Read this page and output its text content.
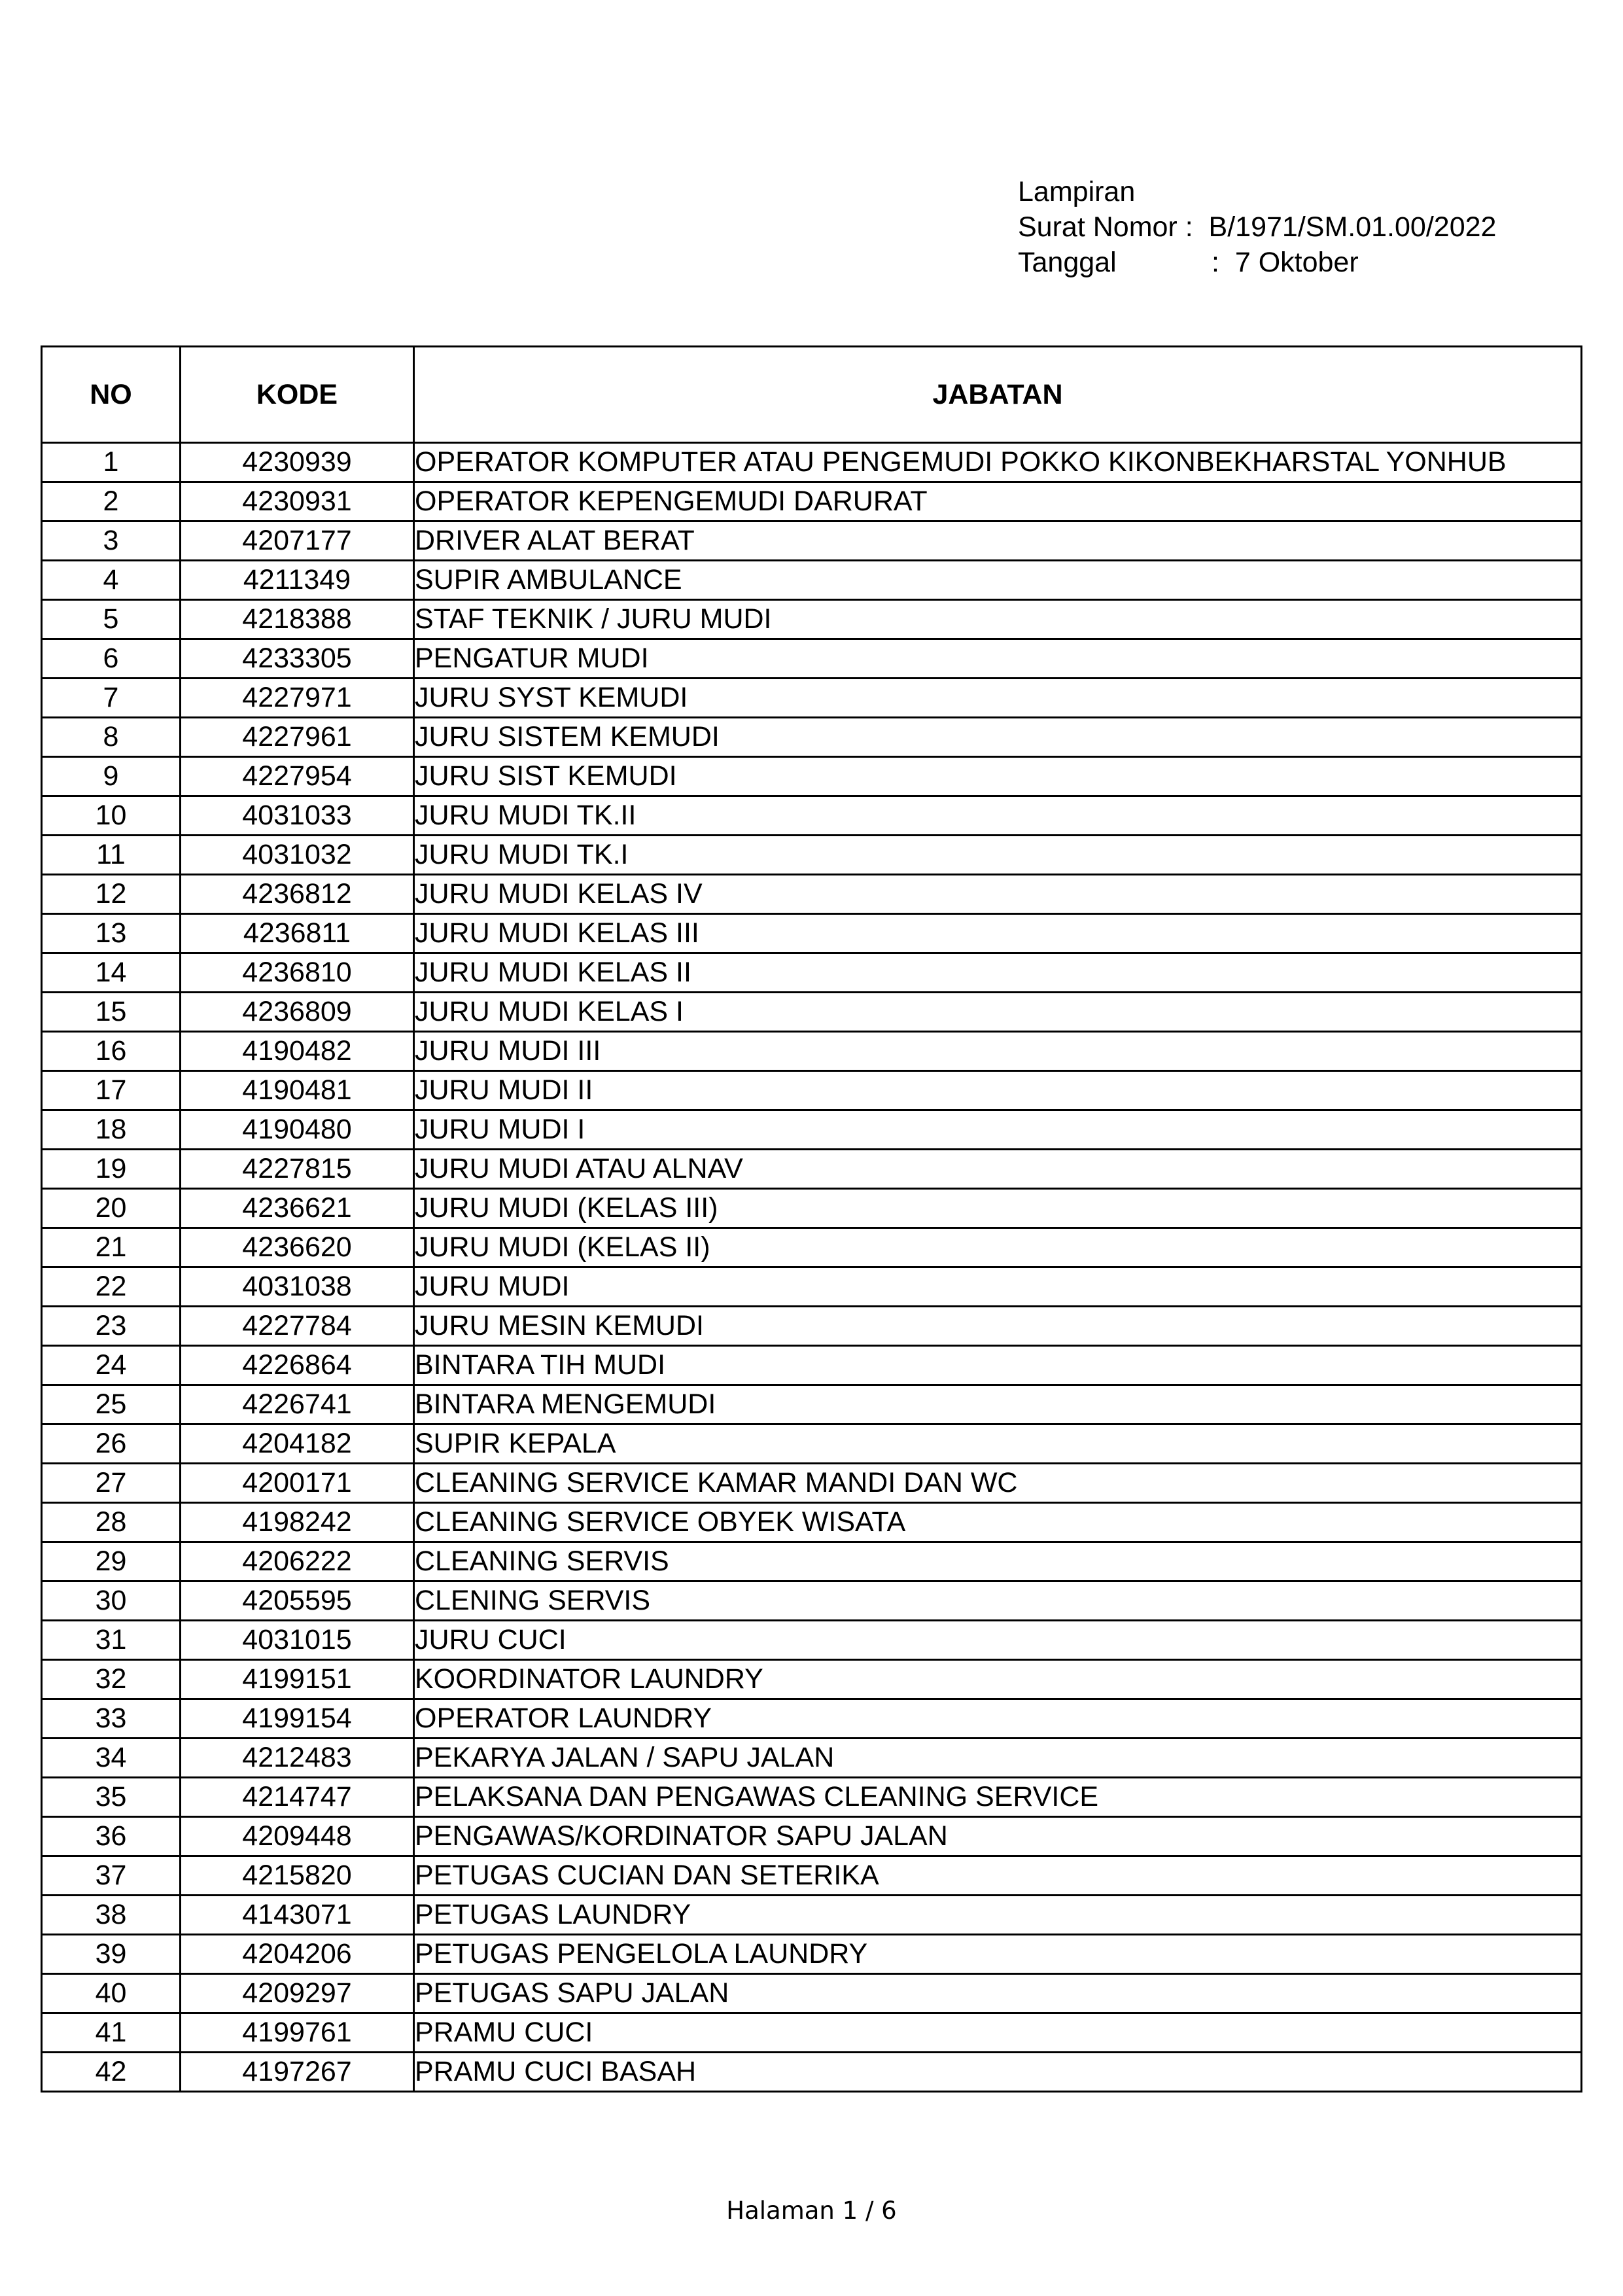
Lampiran
Surat Nomor : B/1971/SM.01.00/2022
Tanggal	: 7 Oktober
NO	KODE	JABATAN
1	4230939	OPERATOR KOMPUTER ATAU PENGEMUDI POKKO KIKONBEKHARSTAL YONHUB
2	4230931	OPERATOR KEPENGEMUDI DARURAT
3	4207177	DRIVER ALAT BERAT
4	4211349	SUPIR AMBULANCE
5	4218388	STAF TEKNIK / JURU MUDI
6	4233305	PENGATUR MUDI
7	4227971	JURU SYST KEMUDI
8	4227961	JURU SISTEM KEMUDI
9	4227954	JURU SIST KEMUDI
10	4031033	JURU MUDI TK.II
11	4031032	JURU MUDI TK.I
12	4236812	JURU MUDI KELAS IV
13	4236811	JURU MUDI KELAS III
14	4236810	JURU MUDI KELAS II
15	4236809	JURU MUDI KELAS I
16	4190482	JURU MUDI III
17	4190481	JURU MUDI II
18	4190480	JURU MUDI I
19	4227815	JURU MUDI ATAU ALNAV
20	4236621	JURU MUDI (KELAS III)
21	4236620	JURU MUDI (KELAS II)
22	4031038	JURU MUDI
23	4227784	JURU MESIN KEMUDI
24	4226864	BINTARA TIH MUDI
25	4226741	BINTARA MENGEMUDI
26	4204182	SUPIR KEPALA
27	4200171	CLEANING SERVICE KAMAR MANDI DAN WC
28	4198242	CLEANING SERVICE OBYEK WISATA
29	4206222	CLEANING SERVIS
30	4205595	CLENING SERVIS
31	4031015	JURU CUCI
32	4199151	KOORDINATOR LAUNDRY
33	4199154	OPERATOR LAUNDRY
34	4212483	PEKARYA JALAN / SAPU JALAN
35	4214747	PELAKSANA DAN PENGAWAS CLEANING SERVICE
36	4209448	PENGAWAS/KORDINATOR SAPU JALAN
37	4215820	PETUGAS CUCIAN DAN SETERIKA
38	4143071	PETUGAS LAUNDRY
39	4204206	PETUGAS PENGELOLA LAUNDRY
40	4209297	PETUGAS SAPU JALAN
41	4199761	PRAMU CUCI
42	4197267	PRAMU CUCI BASAH
Halaman 1 / 6
